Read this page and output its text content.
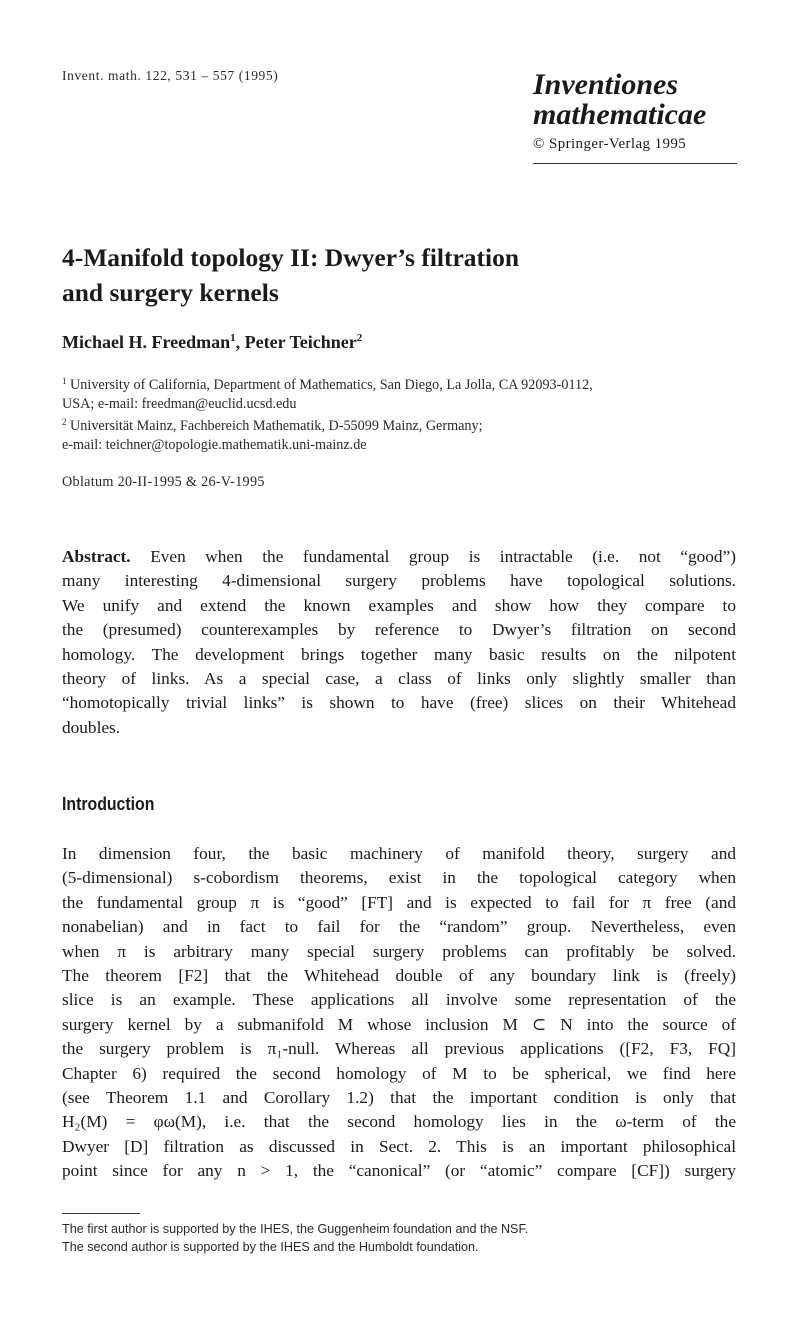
Invent. math. 122, 531 – 557 (1995)	Inventiones
mathematicae
© Springer-Verlag 1995
4-Manifold topology II: Dwyer’s filtration
and surgery kernels
Michael H. Freedman$^1$, Peter Teichner$^2$
$^1$ University of California, Department of Mathematics, San Diego, La Jolla, CA 92093-0112,
USA; e-mail: freedman@euclid.ucsd.edu
$^2$ Universität Mainz, Fachbereich Mathematik, D-55099 Mainz, Germany;
e-mail: teichner@topologie.mathematik.uni-mainz.de
Oblatum 20-II-1995 & 26-V-1995
Abstract. Even when the fundamental group is intractable (i.e. not “good”)
many interesting 4-dimensional surgery problems have topological solutions.
We unify and extend the known examples and show how they compare to
the (presumed) counterexamples by reference to Dwyer’s filtration on second
homology. The development brings together many basic results on the nilpotent
theory of links. As a special case, a class of links only slightly smaller than
“homotopically trivial links” is shown to have (free) slices on their Whitehead
doubles.
Introduction
In dimension four, the basic machinery of manifold theory, surgery and
(5-dimensional) s-cobordism theorems, exist in the topological category when
the fundamental group π is “good” [FT] and is expected to fail for π free (and
nonabelian) and in fact to fail for the “random” group. Nevertheless, even
when π is arbitrary many special surgery problems can profitably be solved.
The theorem [F2] that the Whitehead double of any boundary link is (freely)
slice is an example. These applications all involve some representation of the
surgery kernel by a submanifold M whose inclusion M ⊂ N into the source of
the surgery problem is π₁-null. Whereas all previous applications ([F2, F3, FQ]
Chapter 6) required the second homology of M to be spherical, we find here
(see Theorem 1.1 and Corollary 1.2) that the important condition is only that
H₂(M) = φω(M), i.e. that the second homology lies in the ω-term of the
Dwyer [D] filtration as discussed in Sect. 2. This is an important philosophical
point since for any n > 1, the “canonical” (or “atomic” compare [CF]) surgery
The first author is supported by the IHES, the Guggenheim foundation and the NSF.
The second author is supported by the IHES and the Humboldt foundation.
